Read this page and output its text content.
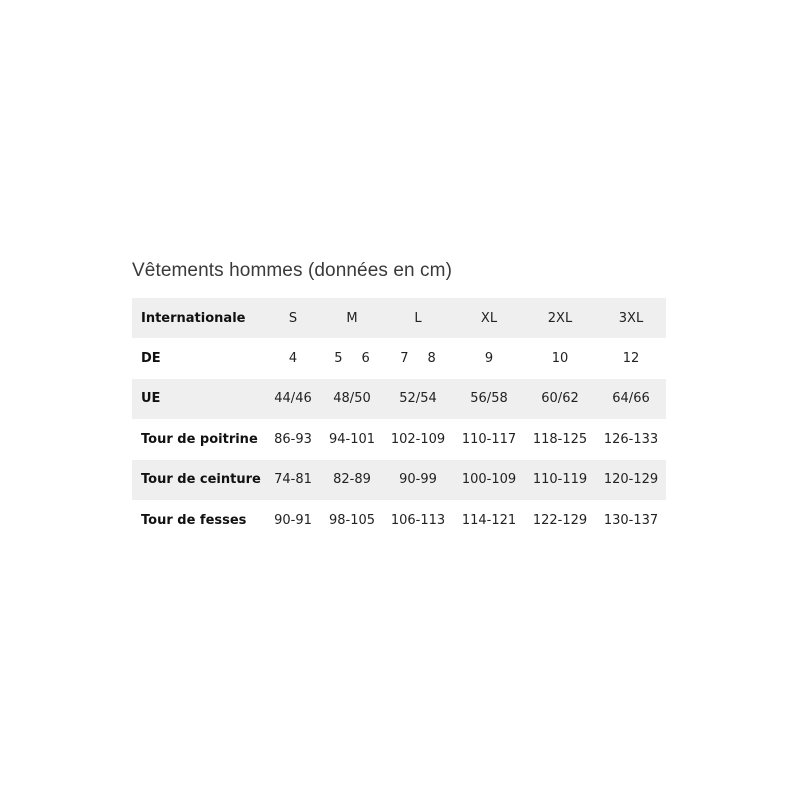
Vêtements hommes (données en cm)
Internationale	S	M	L	XL	2XL	3XL
DE	4	5 6	7 8	9	10	12
UE	44/46	48/50	52/54	56/58	60/62	64/66
Tour de poitrine	86-93	94-101	102-109	110-117	118-125	126-133
Tour de ceinture	74-81	82-89	90-99	100-109	110-119	120-129
Tour de fesses	90-91	98-105	106-113	114-121	122-129	130-137
